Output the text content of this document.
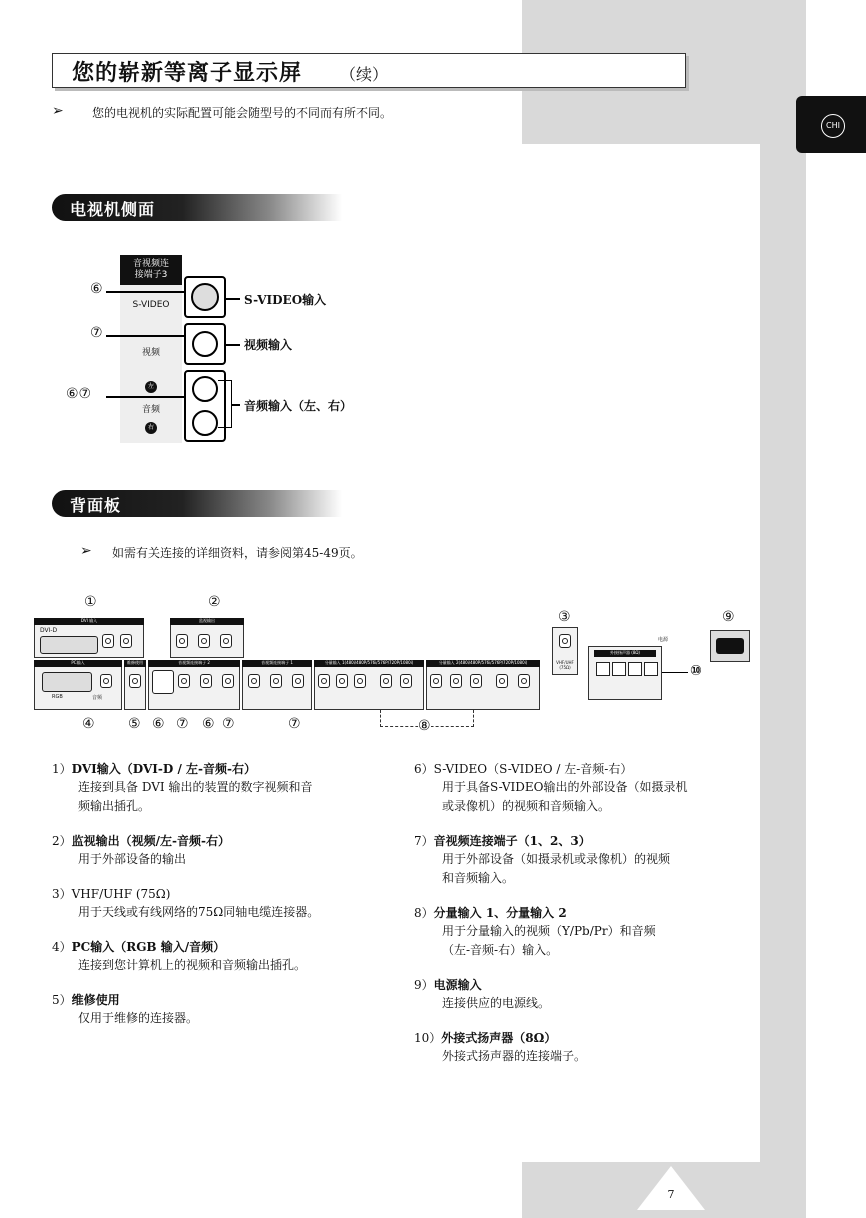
CHI
7
您的崭新等离子显示屏 （续）
➢ 您的电视机的实际配置可能会随型号的不同而有所不同。
电视机侧面
音视频连
接端子3
S-VIDEO
视频
左
音频
右
⑥
⑦
⑥⑦
S-VIDEO输入
视频输入
音频输入（左、右）
背面板
➢ 如需有关连接的详细资料，请参阅第45-49页。
①	②
③	⑨
DVI 输入
DVI-D
监视输出
PC输入
RGB	音频
维修使用	音视频连接端子 2	音视频连接端子 1	分量输入 1(480i/480P/576i/576P/720P/1080i)	分量输入 2(480i/480P/576i/576P/720P/1080i)	VHF/UHF (75Ω)
电源
外接扬声器 (8Ω)
⑩
④ ⑤ ⑥ ⑦ ⑥ ⑦	⑦	⑧
1）DVI输入（DVI-D / 左-音频-右）
连接到具备 DVI 输出的装置的数字视频和音
频输出插孔。
2）监视输出（视频/左-音频-右）
用于外部设备的输出
3）VHF/UHF (75Ω)
用于天线或有线网络的75Ω同轴电缆连接器。
4）PC输入（RGB 输入/音频）
连接到您计算机上的视频和音频输出插孔。
5）维修使用
仅用于维修的连接器。
6）S-VIDEO（S-VIDEO / 左-音频-右）
用于具备S-VIDEO输出的外部设备（如摄录机
或录像机）的视频和音频输入。
7）音视频连接端子（1、2、3）
用于外部设备（如摄录机或录像机）的视频
和音频输入。
8）分量输入 1、分量输入 2
用于分量输入的视频（Y/Pb/Pr）和音频
（左-音频-右）输入。
9）电源输入
连接供应的电源线。
10）外接式扬声器（8Ω）
外接式扬声器的连接端子。
